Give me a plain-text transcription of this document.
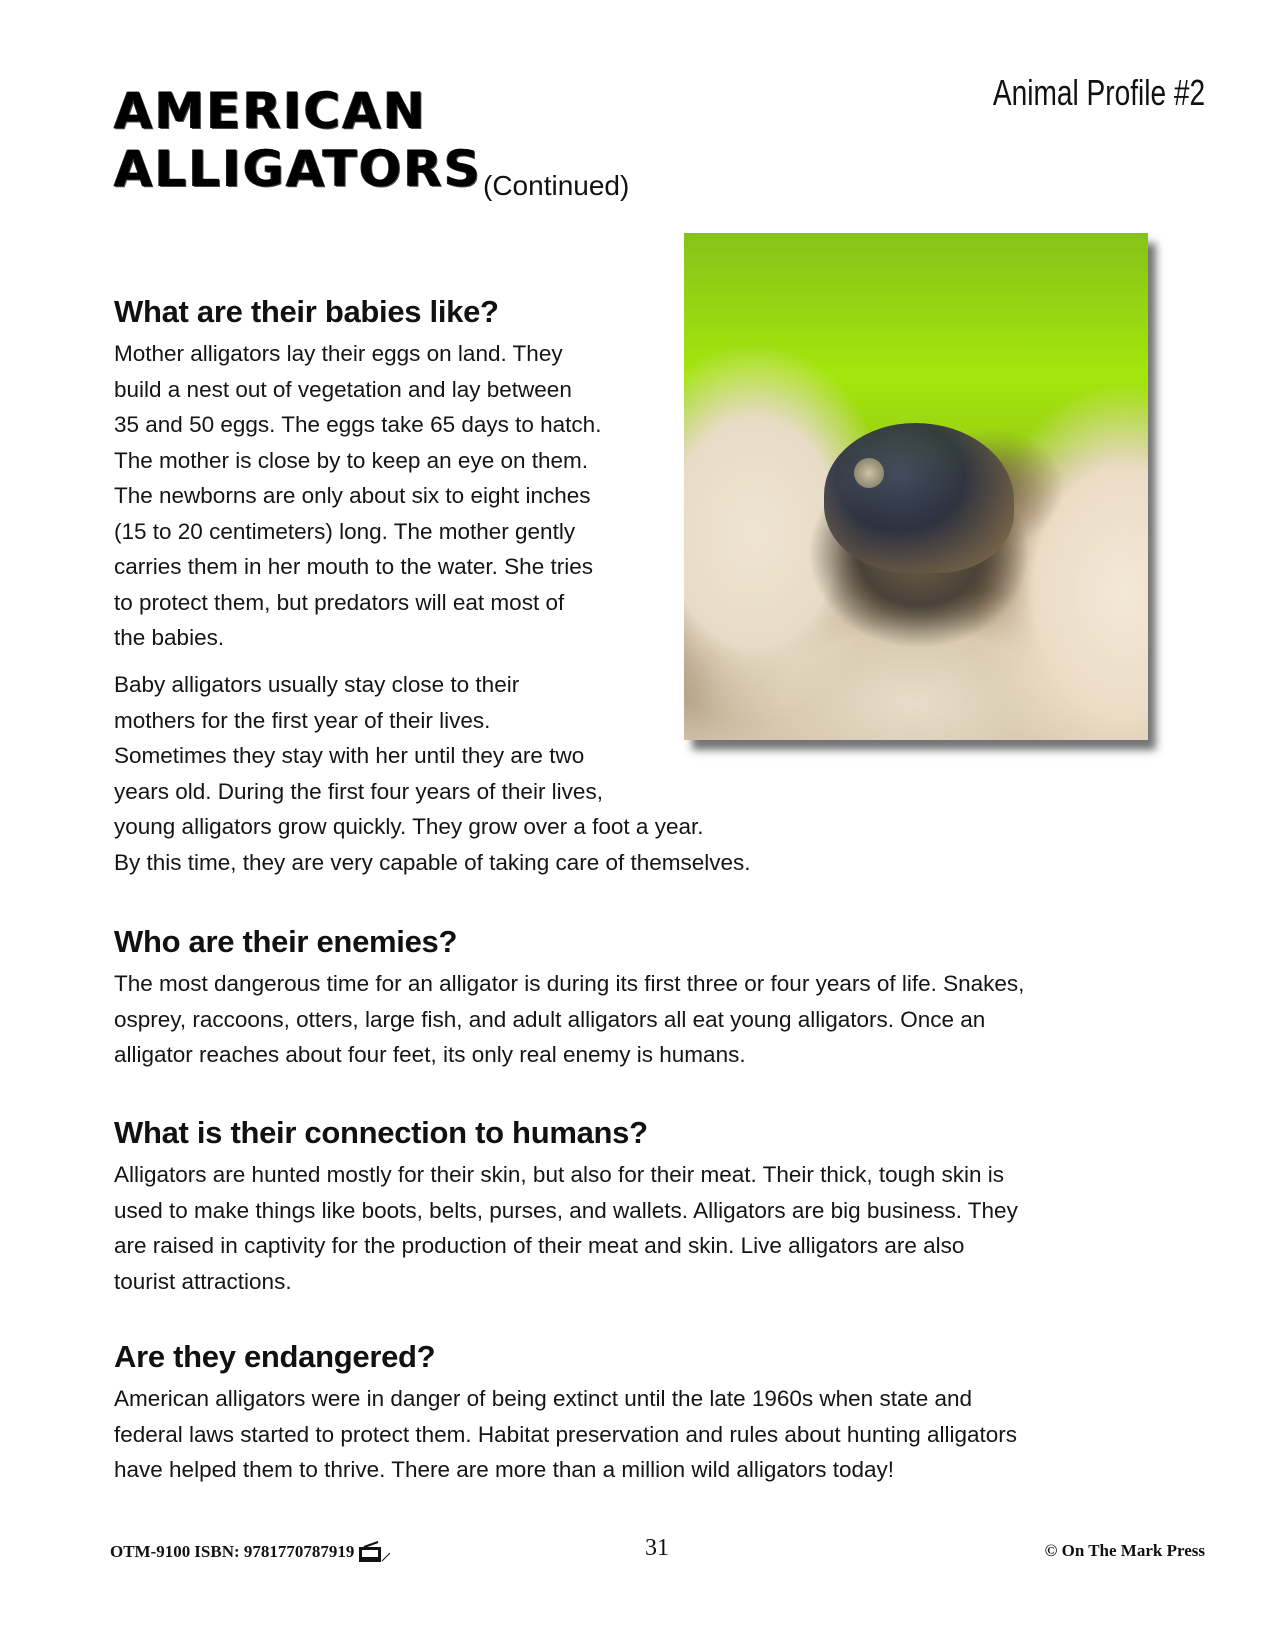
AMERICAN
ALLIGATORS (Continued)
Animal Profile #2
What are their babies like?
Mother alligators lay their eggs on land. They
build a nest out of vegetation and lay between
35 and 50 eggs. The eggs take 65 days to hatch.
The mother is close by to keep an eye on them.
The newborns are only about six to eight inches
(15 to 20 centimeters) long. The mother gently
carries them in her mouth to the water. She tries
to protect them, but predators will eat most of
the babies.
Baby alligators usually stay close to their
mothers for the first year of their lives.
Sometimes they stay with her until they are two
years old. During the first four years of their lives,
young alligators grow quickly. They grow over a foot a year.
By this time, they are very capable of taking care of themselves.
Who are their enemies?
The most dangerous time for an alligator is during its first three or four years of life. Snakes,
osprey, raccoons, otters, large fish, and adult alligators all eat young alligators. Once an
alligator reaches about four feet, its only real enemy is humans.
What is their connection to humans?
Alligators are hunted mostly for their skin, but also for their meat. Their thick, tough skin is
used to make things like boots, belts, purses, and wallets. Alligators are big business. They
are raised in captivity for the production of their meat and skin. Live alligators are also
tourist attractions.
Are they endangered?
American alligators were in danger of being extinct until the late 1960s when state and
federal laws started to protect them. Habitat preservation and rules about hunting alligators
have helped them to thrive. There are more than a million wild alligators today!
OTM-9100 ISBN: 9781770787919	31	© On The Mark Press
